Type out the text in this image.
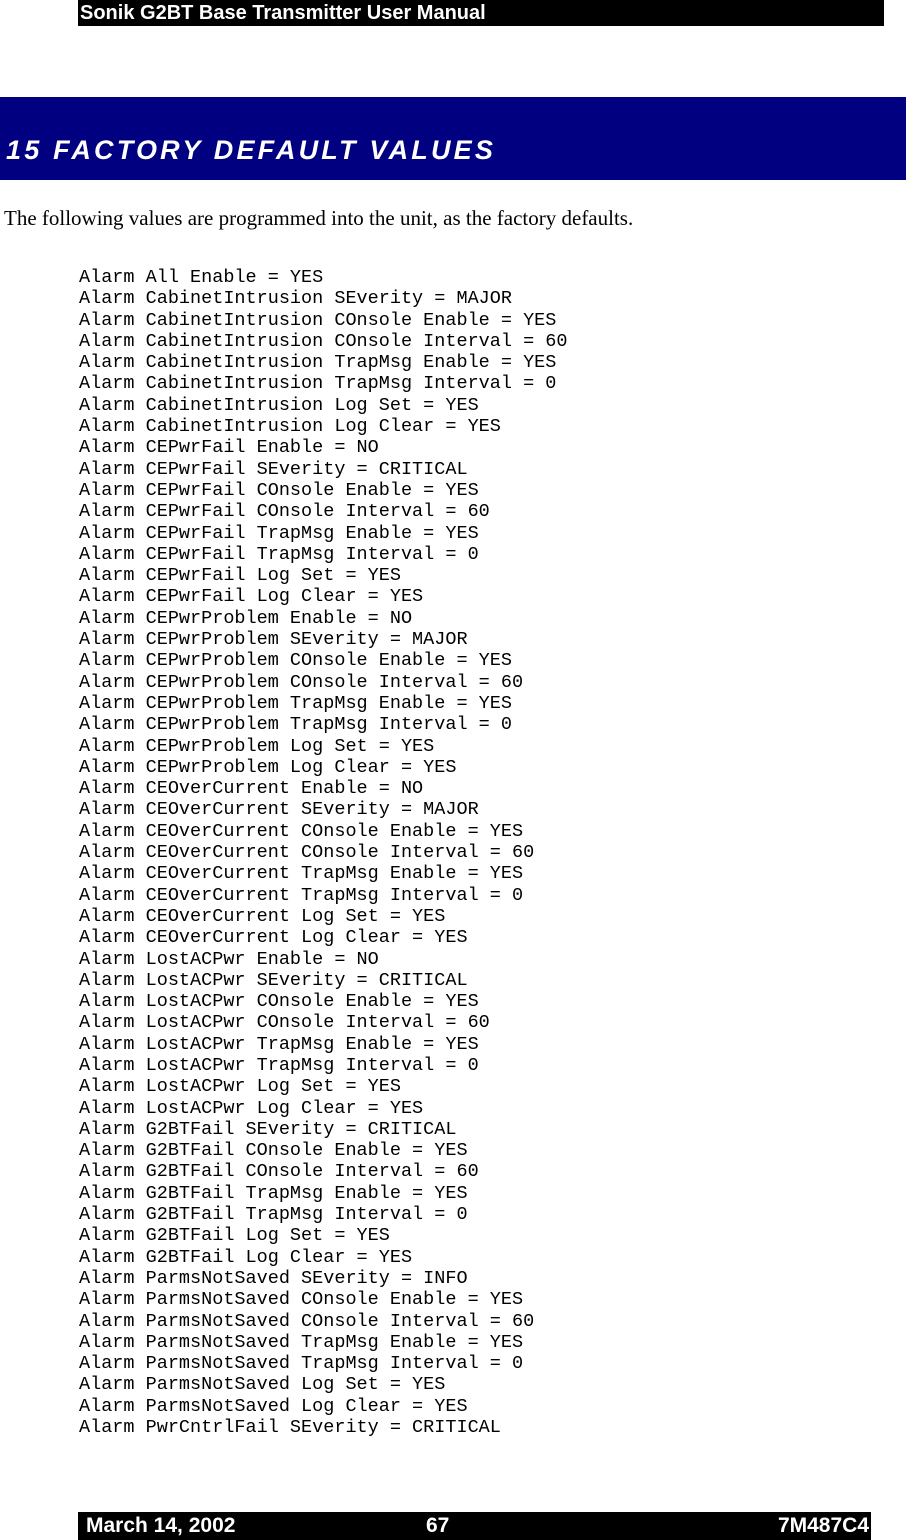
Sonik G2BT Base Transmitter User Manual
15 FACTORY DEFAULT VALUES
The following values are programmed into the unit, as the factory defaults.
Alarm All Enable = YES
Alarm CabinetIntrusion SEverity = MAJOR
Alarm CabinetIntrusion COnsole Enable = YES
Alarm CabinetIntrusion COnsole Interval = 60
Alarm CabinetIntrusion TrapMsg Enable = YES
Alarm CabinetIntrusion TrapMsg Interval = 0
Alarm CabinetIntrusion Log Set = YES
Alarm CabinetIntrusion Log Clear = YES
Alarm CEPwrFail Enable = NO
Alarm CEPwrFail SEverity = CRITICAL
Alarm CEPwrFail COnsole Enable = YES
Alarm CEPwrFail COnsole Interval = 60
Alarm CEPwrFail TrapMsg Enable = YES
Alarm CEPwrFail TrapMsg Interval = 0
Alarm CEPwrFail Log Set = YES
Alarm CEPwrFail Log Clear = YES
Alarm CEPwrProblem Enable = NO
Alarm CEPwrProblem SEverity = MAJOR
Alarm CEPwrProblem COnsole Enable = YES
Alarm CEPwrProblem COnsole Interval = 60
Alarm CEPwrProblem TrapMsg Enable = YES
Alarm CEPwrProblem TrapMsg Interval = 0
Alarm CEPwrProblem Log Set = YES
Alarm CEPwrProblem Log Clear = YES
Alarm CEOverCurrent Enable = NO
Alarm CEOverCurrent SEverity = MAJOR
Alarm CEOverCurrent COnsole Enable = YES
Alarm CEOverCurrent COnsole Interval = 60
Alarm CEOverCurrent TrapMsg Enable = YES
Alarm CEOverCurrent TrapMsg Interval = 0
Alarm CEOverCurrent Log Set = YES
Alarm CEOverCurrent Log Clear = YES
Alarm LostACPwr Enable = NO
Alarm LostACPwr SEverity = CRITICAL
Alarm LostACPwr COnsole Enable = YES
Alarm LostACPwr COnsole Interval = 60
Alarm LostACPwr TrapMsg Enable = YES
Alarm LostACPwr TrapMsg Interval = 0
Alarm LostACPwr Log Set = YES
Alarm LostACPwr Log Clear = YES
Alarm G2BTFail SEverity = CRITICAL
Alarm G2BTFail COnsole Enable = YES
Alarm G2BTFail COnsole Interval = 60
Alarm G2BTFail TrapMsg Enable = YES
Alarm G2BTFail TrapMsg Interval = 0
Alarm G2BTFail Log Set = YES
Alarm G2BTFail Log Clear = YES
Alarm ParmsNotSaved SEverity = INFO
Alarm ParmsNotSaved COnsole Enable = YES
Alarm ParmsNotSaved COnsole Interval = 60
Alarm ParmsNotSaved TrapMsg Enable = YES
Alarm ParmsNotSaved TrapMsg Interval = 0
Alarm ParmsNotSaved Log Set = YES
Alarm ParmsNotSaved Log Clear = YES
Alarm PwrCntrlFail SEverity = CRITICAL
March 14, 2002	67	7M487C4
